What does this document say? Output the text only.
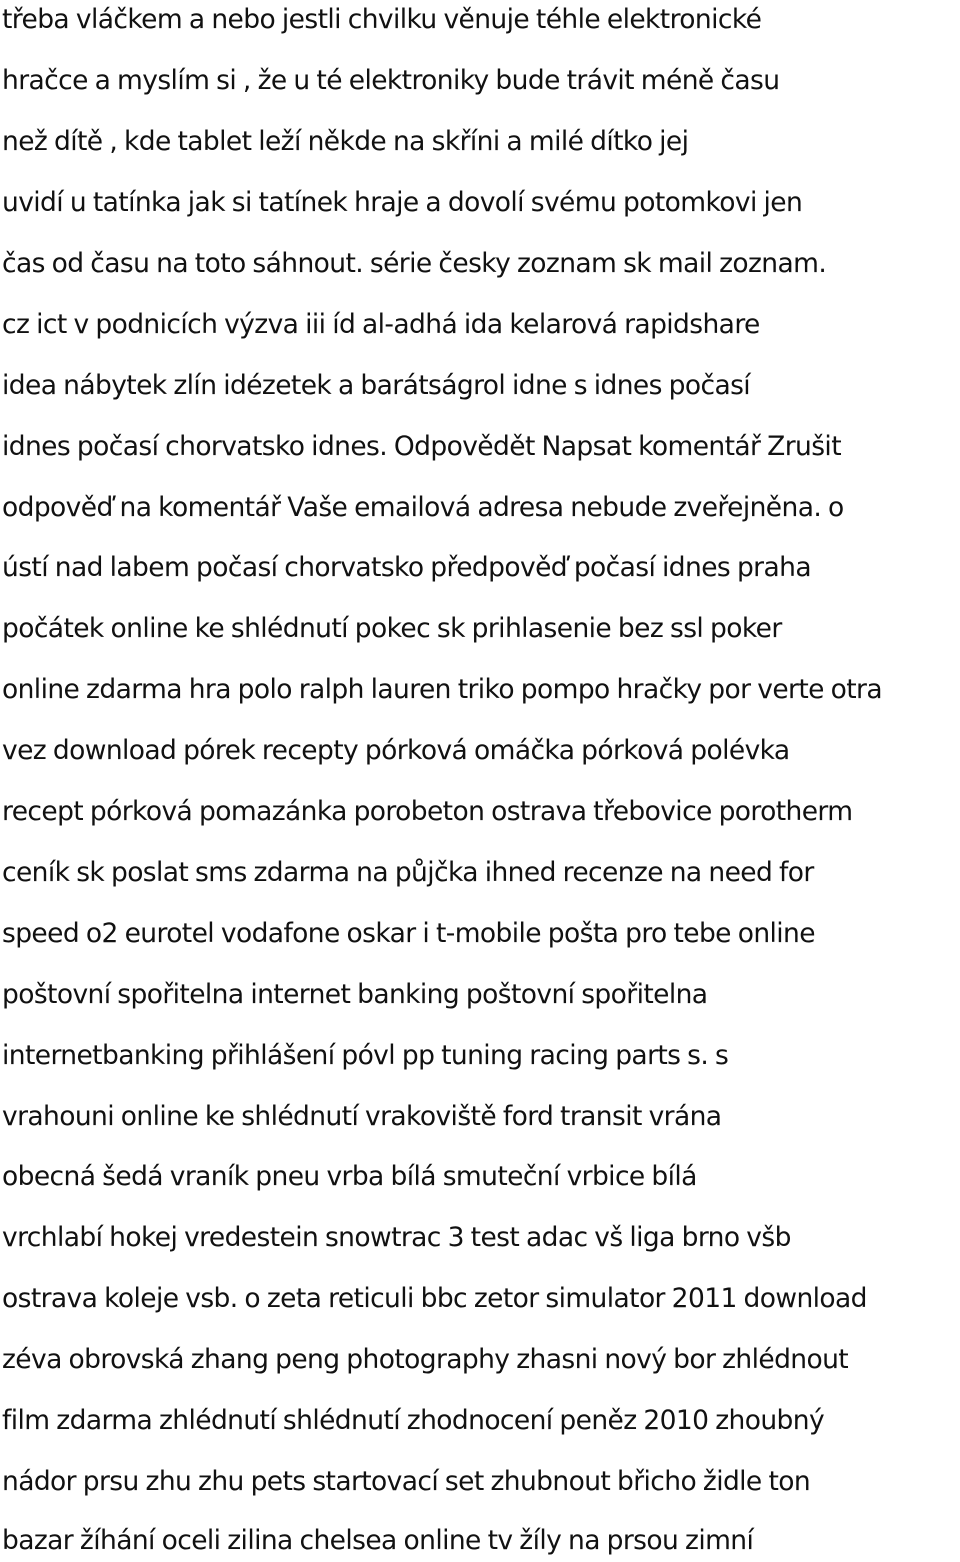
třeba vláčkem a nebo jestli chvilku věnuje téhle elektronické

hračce a myslím si , že u té elektroniky bude trávit méně času

než dítě , kde tablet leží někde na skříni a milé dítko jej

uvidí u tatínka jak si tatínek hraje a dovolí svému potomkovi jen

čas od času na toto sáhnout. série česky zoznam sk mail zoznam.

cz ict v podnicích výzva iii íd al-adhá ida kelarová rapidshare

idea nábytek zlín idézetek a barátságrol idne s idnes počasí

idnes počasí chorvatsko idnes. Odpovědět Napsat komentář Zrušit

odpověď na komentář Vaše emailová adresa nebude zveřejněna. o

ústí nad labem počasí chorvatsko předpověď počasí idnes praha

počátek online ke shlédnutí pokec sk prihlasenie bez ssl poker

online zdarma hra polo ralph lauren triko pompo hračky por verte otra

vez download pórek recepty pórková omáčka pórková polévka

recept pórková pomazánka porobeton ostrava třebovice porotherm

ceník sk poslat sms zdarma na půjčka ihned recenze na need for

speed o2 eurotel vodafone oskar i t-mobile pošta pro tebe online

poštovní spořitelna internet banking poštovní spořitelna

internetbanking přihlášení póvl pp tuning racing parts s. s

vrahouni online ke shlédnutí vrakoviště ford transit vrána

obecná šedá vraník pneu vrba bílá smuteční vrbice bílá

vrchlabí hokej vredestein snowtrac 3 test adac vš liga brno všb

ostrava koleje vsb. o zeta reticuli bbc zetor simulator 2011 download

zéva obrovská zhang peng photography zhasni nový bor zhlédnout

film zdarma zhlédnutí shlédnutí zhodnocení peněz 2010 zhoubný

nádor prsu zhu zhu pets startovací set zhubnout břicho židle ton

bazar žíhání oceli zilina chelsea online tv žíly na prsou zimní
